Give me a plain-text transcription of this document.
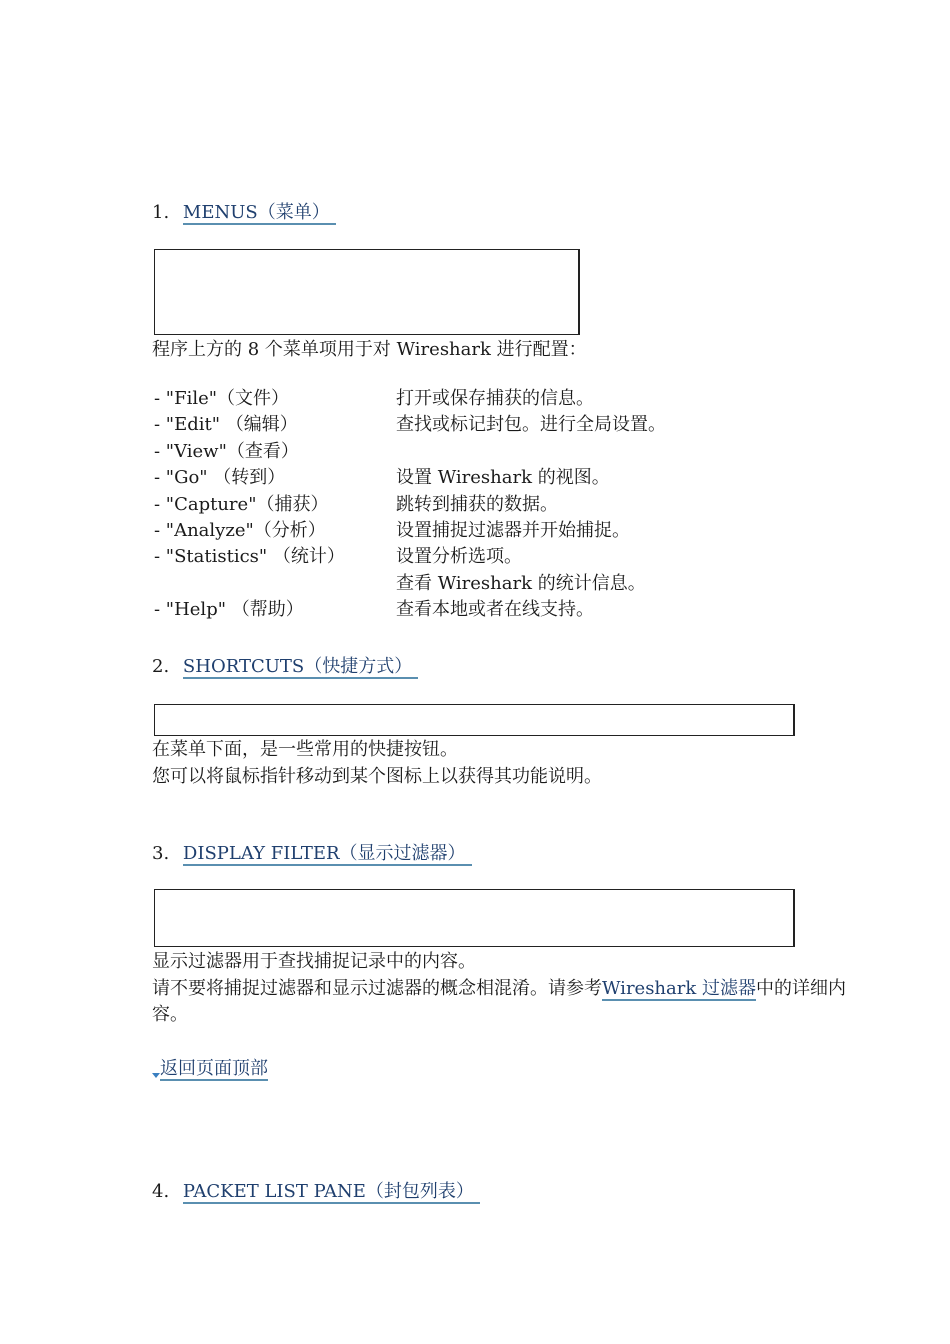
1. MENUS（菜单）
程序上方的 8 个菜单项用于对 Wireshark 进行配置：
- "File"（文件）
- "Edit" （编辑）
- "View"（查看）
- "Go" （转到）
- "Capture"（捕获）
- "Analyze"（分析）
- "Statistics" （统计）
- "Help" （帮助）
打开或保存捕获的信息。
查找或标记封包。进行全局设置。
设置 Wireshark 的视图。
跳转到捕获的数据。
设置捕捉过滤器并开始捕捉。
设置分析选项。
查看 Wireshark 的统计信息。
查看本地或者在线支持。
2. SHORTCUTS（快捷方式）
在菜单下面，是一些常用的快捷按钮。
您可以将鼠标指针移动到某个图标上以获得其功能说明。
3. DISPLAY FILTER（显示过滤器）
显示过滤器用于查找捕捉记录中的内容。
请不要将捕捉过滤器和显示过滤器的概念相混淆。请参考Wireshark 过滤器中的详细内
容。
返回页面顶部
4. PACKET LIST PANE（封包列表）
